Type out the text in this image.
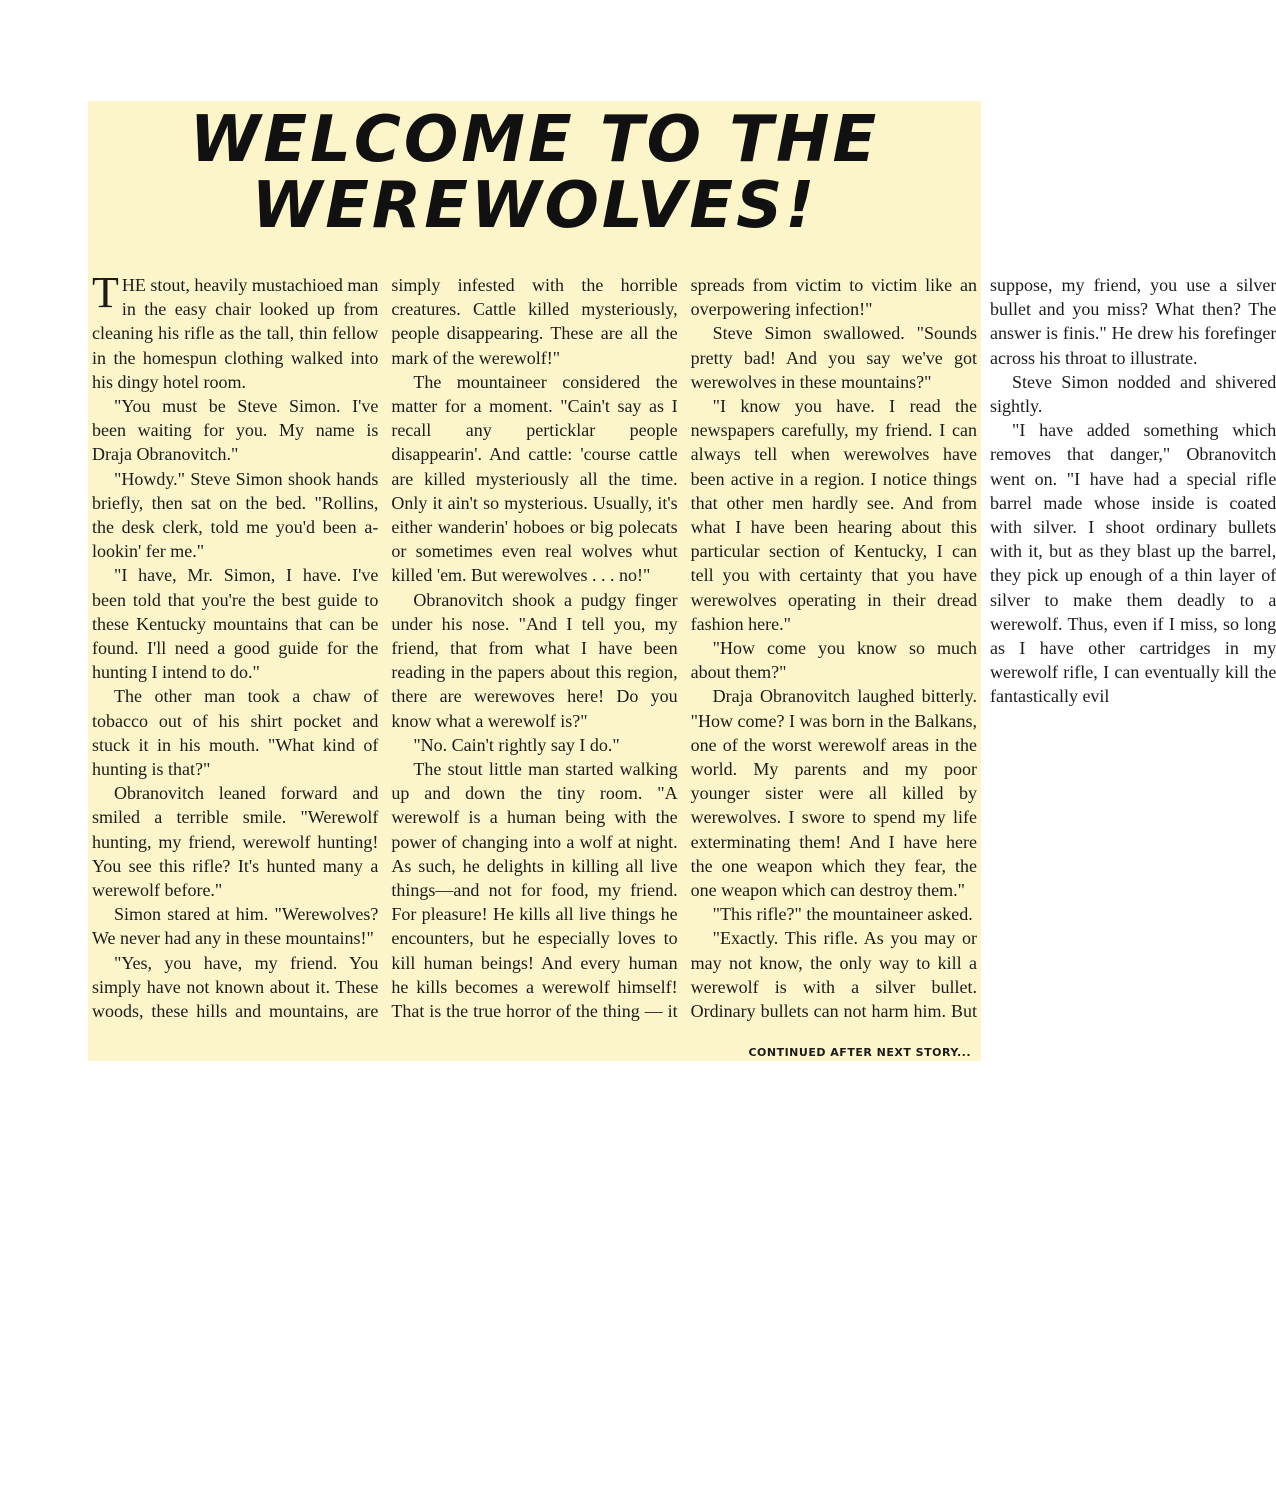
WELCOME TO THE
WEREWOLVES!

THE stout, heavily mustachioed man in the easy chair looked up from cleaning his rifle as the tall, thin fellow in the homespun clothing walked into his dingy hotel room.

"You must be Steve Simon. I've been waiting for you. My name is Draja Obranovitch."

"Howdy." Steve Simon shook hands briefly, then sat on the bed. "Rollins, the desk clerk, told me you'd been a-lookin' fer me."

"I have, Mr. Simon, I have. I've been told that you're the best guide to these Kentucky mountains that can be found. I'll need a good guide for the hunting I intend to do."

The other man took a chaw of tobacco out of his shirt pocket and stuck it in his mouth. "What kind of hunting is that?"

Obranovitch leaned forward and smiled a terrible smile. "Werewolf hunting, my friend, werewolf hunting! You see this rifle? It's hunted many a werewolf before."

Simon stared at him. "Werewolves? We never had any in these mountains!"

"Yes, you have, my friend. You simply have not known about it. These woods, these hills and mountains, are simply infested with the horrible creatures. Cattle killed mysteriously, people disappearing. These are all the mark of the werewolf!"

The mountaineer considered the matter for a moment. "Cain't say as I recall any perticklar people disappearin'. And cattle: 'course cattle are killed mysteriously all the time. Only it ain't so mysterious. Usually, it's either wanderin' hoboes or big polecats or sometimes even real wolves whut killed 'em. But werewolves . . . no!"

Obranovitch shook a pudgy finger under his nose. "And I tell you, my friend, that from what I have been reading in the papers about this region, there are werewoves here! Do you know what a werewolf is?"

"No. Cain't rightly say I do."

The stout little man started walking up and down the tiny room. "A werewolf is a human being with the power of changing into a wolf at night. As such, he delights in killing all live things—and not for food, my friend. For pleasure! He kills all live things he encounters, but he especially loves to kill human beings! And every human he kills becomes a werewolf himself! That is the true horror of the thing — it spreads from victim to victim like an overpowering infection!"

Steve Simon swallowed. "Sounds pretty bad! And you say we've got werewolves in these mountains?"

"I know you have. I read the newspapers carefully, my friend. I can always tell when werewolves have been active in a region. I notice things that other men hardly see. And from what I have been hearing about this particular section of Kentucky, I can tell you with certainty that you have werewolves operating in their dread fashion here."

"How come you know so much about them?"

Draja Obranovitch laughed bitterly. "How come? I was born in the Balkans, one of the worst werewolf areas in the world. My parents and my poor younger sister were all killed by werewolves. I swore to spend my life exterminating them! And I have here the one weapon which they fear, the one weapon which can destroy them."

"This rifle?" the mountaineer asked.

"Exactly. This rifle. As you may or may not know, the only way to kill a werewolf is with a silver bullet. Ordinary bullets can not harm him. But suppose, my friend, you use a silver bullet and you miss? What then? The answer is finis." He drew his forefinger across his throat to illustrate.

Steve Simon nodded and shivered sightly.

"I have added something which removes that danger," Obranovitch went on. "I have had a special rifle barrel made whose inside is coated with silver. I shoot ordinary bullets with it, but as they blast up the barrel, they pick up enough of a thin layer of silver to make them deadly to a werewolf. Thus, even if I miss, so long as I have other cartridges in my werewolf rifle, I can eventually kill the fantastically evil

CONTINUED AFTER NEXT STORY...
